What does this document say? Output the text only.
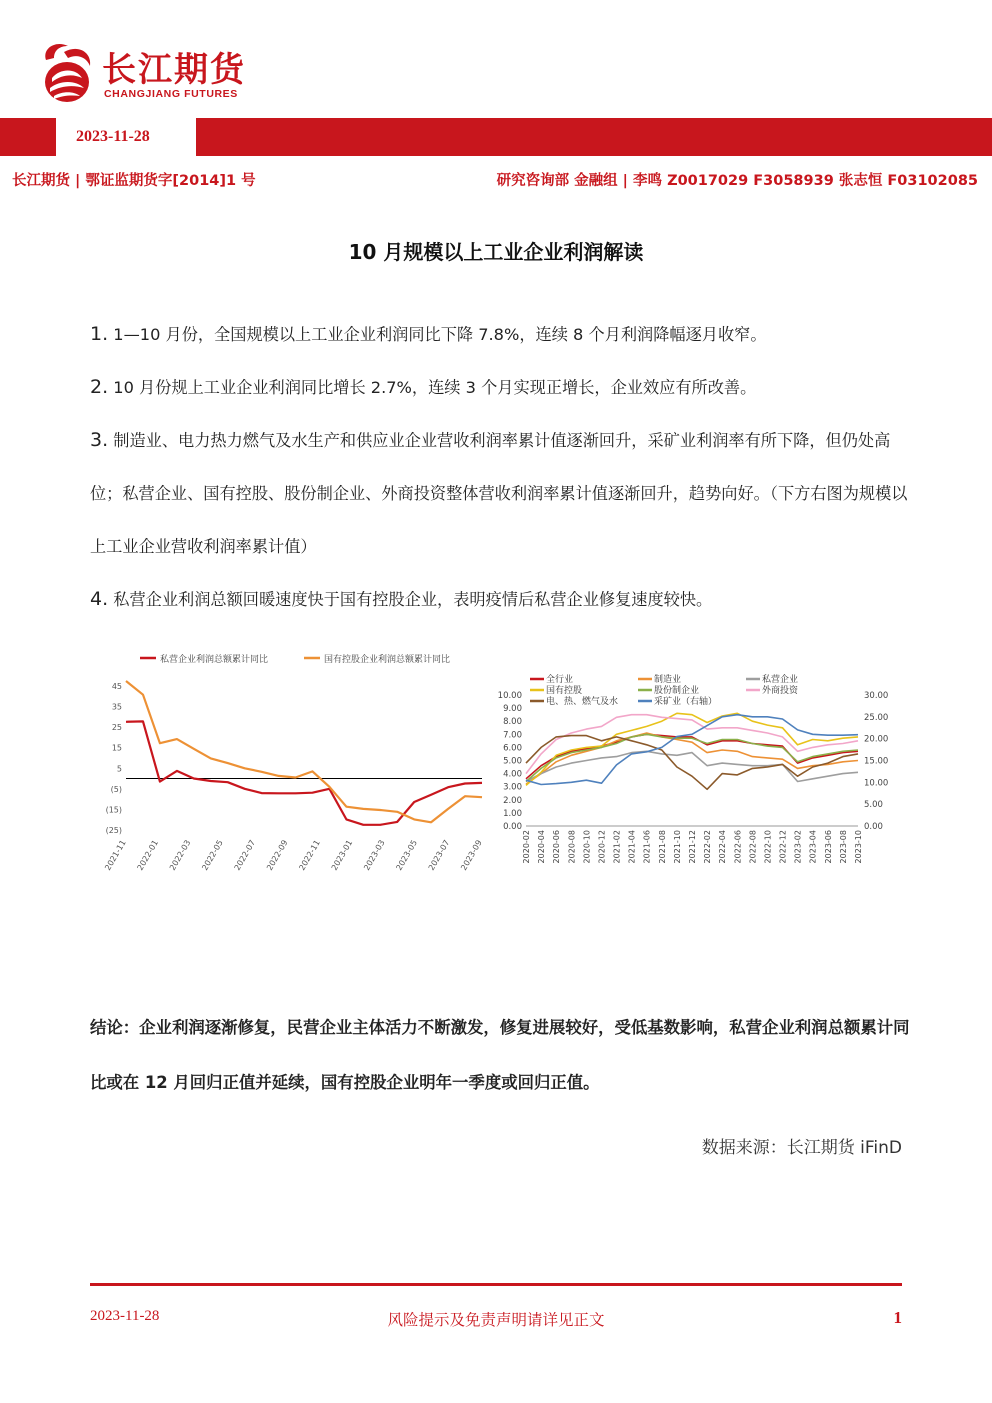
长江期货
CHANGJIANG FUTURES
2023-11-28
长江期货 | 鄂证监期货字[2014]1 号	研究咨询部 金融组 | 李鸣 Z0017029 F3058939 张志恒 F03102085
10 月规模以上工业企业利润解读

1. 1—10 月份，全国规模以上工业企业利润同比下降 7.8%，连续 8 个月利润降幅逐月收窄。

2. 10 月份规上工业企业利润同比增长 2.7%，连续 3 个月实现正增长，企业效应有所改善。

3. 制造业、电力热力燃气及水生产和供应业企业营收利润率累计值逐渐回升，采矿业利润率有所下降，但仍处高位；私营企业、国有控股、股份制企业、外商投资整体营收利润率累计值逐渐回升，趋势向好。（下方右图为规模以上工业企业营收利润率累计值）

4. 私营企业利润总额回暖速度快于国有控股企业，表明疫情后私营企业修复速度较快。

私营企业利润总额累计同比	国有控股企业利润总额累计同比
45
35
25
15
5
(5)
(15)
(25)
2021-11 2022-01 2022-03 2022-05 2022-07 2022-09 2022-11 2023-01 2023-03 2023-05 2023-07 2023-09
全行业	制造业	私营企业
国有控股	股份制企业	外商投资
电、热、燃气及水	采矿业（右轴）
10.00
9.00
8.00
7.00
6.00
5.00
4.00
3.00
2.00
1.00
0.00
30.00
25.00
20.00
15.00
10.00
5.00
0.00
2020-02 2020-04 2020-06 2020-08 2020-10 2020-12 2021-02 2021-04 2021-06 2021-08 2021-10 2021-12 2022-02 2022-04 2022-06 2022-08 2022-10 2022-12 2023-02 2023-04 2023-06 2023-08 2023-10
结论：企业利润逐渐修复，民营企业主体活力不断激发，修复进展较好，受低基数影响，私营企业利润总额累计同比或在 12 月回归正值并延续，国有控股企业明年一季度或回归正值。
数据来源：长江期货 iFinD
2023-11-28	风险提示及免责声明请详见正文	1
